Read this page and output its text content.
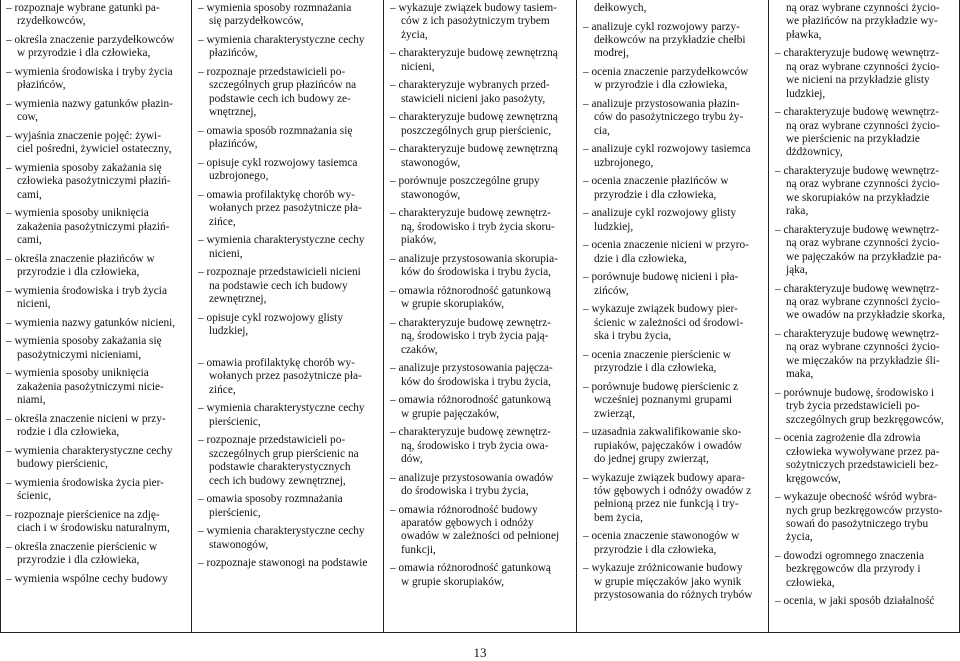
– rozpoznaje wybrane gatunki pa-
rzydełkowców,
– określa znaczenie parzydełkowców
w przyrodzie i dla człowieka,
– wymienia środowiska i tryby życia
płazińców,
– wymienia nazwy gatunków płazin-
cow,
– wyjaśnia znaczenie pojęć: żywi-
ciel pośredni, żywiciel ostateczny,
– wymienia sposoby zakażania się
człowieka pasożytniczymi płaziń-
cami,
– wymienia sposoby uniknięcia
zakażenia pasożytniczymi płaziń-
cami,
– określa znaczenie płazińców w
przyrodzie i dla człowieka,
– wymienia środowiska i tryb życia
nicieni,
– wymienia nazwy gatunków nicieni,
– wymienia sposoby zakażania się
pasożytniczymi nicieniami,
– wymienia sposoby uniknięcia
zakażenia pasożytniczymi nicie-
niami,
– określa znaczenie nicieni w przy-
rodzie i dla człowieka,
– wymienia charakterystyczne cechy
budowy pierścienic,
– wymienia środowiska życia pier-
ścienic,
– rozpoznaje pierścienice na zdję-
ciach i w środowisku naturalnym,
– określa znaczenie pierścienic w
przyrodzie i dla człowieka,
– wymienia wspólne cechy budowy
– wymienia sposoby rozmnażania
się parzydełkowców,
– wymienia charakterystyczne cechy
płazińców,
– rozpoznaje przedstawicieli po-
szczególnych grup płazińców na
podstawie cech ich budowy ze-
wnętrznej,
– omawia sposób rozmnażania się
płazińców,
– opisuje cykl rozwojowy tasiemca
uzbrojonego,
– omawia profilaktykę chorób wy-
wołanych przez pasożytnicze pła-
zińce,
– wymienia charakterystyczne cechy
nicieni,
– rozpoznaje przedstawicieli nicieni
na podstawie cech ich budowy
zewnętrznej,
– opisuje cykl rozwojowy glisty
ludzkiej,

– omawia profilaktykę chorób wy-
wołanych przez pasożytnicze pła-
zińce,
– wymienia charakterystyczne cechy
pierścienic,
– rozpoznaje przedstawicieli po-
szczególnych grup pierścienic na
podstawie charakterystycznych
cech ich budowy zewnętrznej,
– omawia sposoby rozmnażania
pierścienic,
– wymienia charakterystyczne cechy
stawonogów,
– rozpoznaje stawonogi na podstawie
– wykazuje związek budowy tasiem-
ców z ich pasożytniczym trybem
życia,
– charakteryzuje budowę zewnętrzną
nicieni,
– charakteryzuje wybranych przed-
stawicieli nicieni jako pasożyty,
– charakteryzuje budowę zewnętrzną
poszczególnych grup pierścienic,
– charakteryzuje budowę zewnętrzną
stawonogów,
– porównuje poszczególne grupy
stawonogów,
– charakteryzuje budowę zewnętrz-
ną, środowisko i tryb życia skoru-
piaków,
– analizuje przystosowania skorupia-
ków do środowiska i trybu życia,
– omawia różnorodność gatunkową
w grupie skorupiaków,
– charakteryzuje budowę zewnętrz-
ną, środowisko i tryb życia pają-
czaków,
– analizuje przystosowania pajęcza-
ków do środowiska i trybu życia,
– omawia różnorodność gatunkową
w grupie pajęczaków,
– charakteryzuje budowę zewnętrz-
ną, środowisko i tryb życia owa-
dów,
– analizuje przystosowania owadów
do środowiska i trybu życia,
– omawia różnorodność budowy
aparatów gębowych i odnóży
owadów w zależności od pełnionej
funkcji,
– omawia różnorodność gatunkową
w grupie skorupiaków,
dełkowych,
– analizuje cykl rozwojowy parzy-
dełkowców na przykładzie chełbi
modrej,
– ocenia znaczenie parzydełkowców
w przyrodzie i dla człowieka,
– analizuje przystosowania płazin-
ców do pasożytniczego trybu ży-
cia,
– analizuje cykl rozwojowy tasiemca
uzbrojonego,
– ocenia znaczenie płazińców w
przyrodzie i dla człowieka,
– analizuje cykl rozwojowy glisty
ludzkiej,
– ocenia znaczenie nicieni w przyro-
dzie i dla człowieka,
– porównuje budowę nicieni i pła-
zińców,
– wykazuje związek budowy pier-
ścienic w zależności od środowi-
ska i trybu życia,
– ocenia znaczenie pierścienic w
przyrodzie i dla człowieka,
– porównuje budowę pierścienic z
wcześniej poznanymi grupami
zwierząt,
– uzasadnia zakwalifikowanie sko-
rupiaków, pajęczaków i owadów
do jednej grupy zwierząt,
– wykazuje związek budowy apara-
tów gębowych i odnóży owadów z
pełnioną przez nie funkcją i try-
bem życia,
– ocenia znaczenie stawonogów w
przyrodzie i dla człowieka,
– wykazuje zróżnicowanie budowy
w grupie mięczaków jako wynik
przystosowania do różnych trybów
ną oraz wybrane czynności życio-
we płazińców na przykładzie wy-
pławka,
– charakteryzuje budowę wewnętrz-
ną oraz wybrane czynności życio-
we nicieni na przykładzie glisty
ludzkiej,
– charakteryzuje budowę wewnętrz-
ną oraz wybrane czynności życio-
we pierścienic na przykładzie
dżdżownicy,
– charakteryzuje budowę wewnętrz-
ną oraz wybrane czynności życio-
we skorupiaków na przykładzie
raka,
– charakteryzuje budowę wewnętrz-
ną oraz wybrane czynności życio-
we pajęczaków na przykładzie pa-
jąka,
– charakteryzuje budowę wewnętrz-
ną oraz wybrane czynności życio-
we owadów na przykładzie skorka,
– charakteryzuje budowę wewnętrz-
ną oraz wybrane czynności życio-
we mięczaków na przykładzie śli-
maka,
– porównuje budowę, środowisko i
tryb życia przedstawicieli po-
szczególnych grup bezkręgowców,
– ocenia zagrożenie dla zdrowia
człowieka wywoływane przez pa-
sożytniczych przedstawicieli bez-
kręgowców,
– wykazuje obecność wśród wybra-
nych grup bezkręgowców przysto-
sowań do pasożytniczego trybu
życia,
– dowodzi ogromnego znaczenia
bezkręgowców dla przyrody i
człowieka,
– ocenia, w jaki sposób działalność
13
